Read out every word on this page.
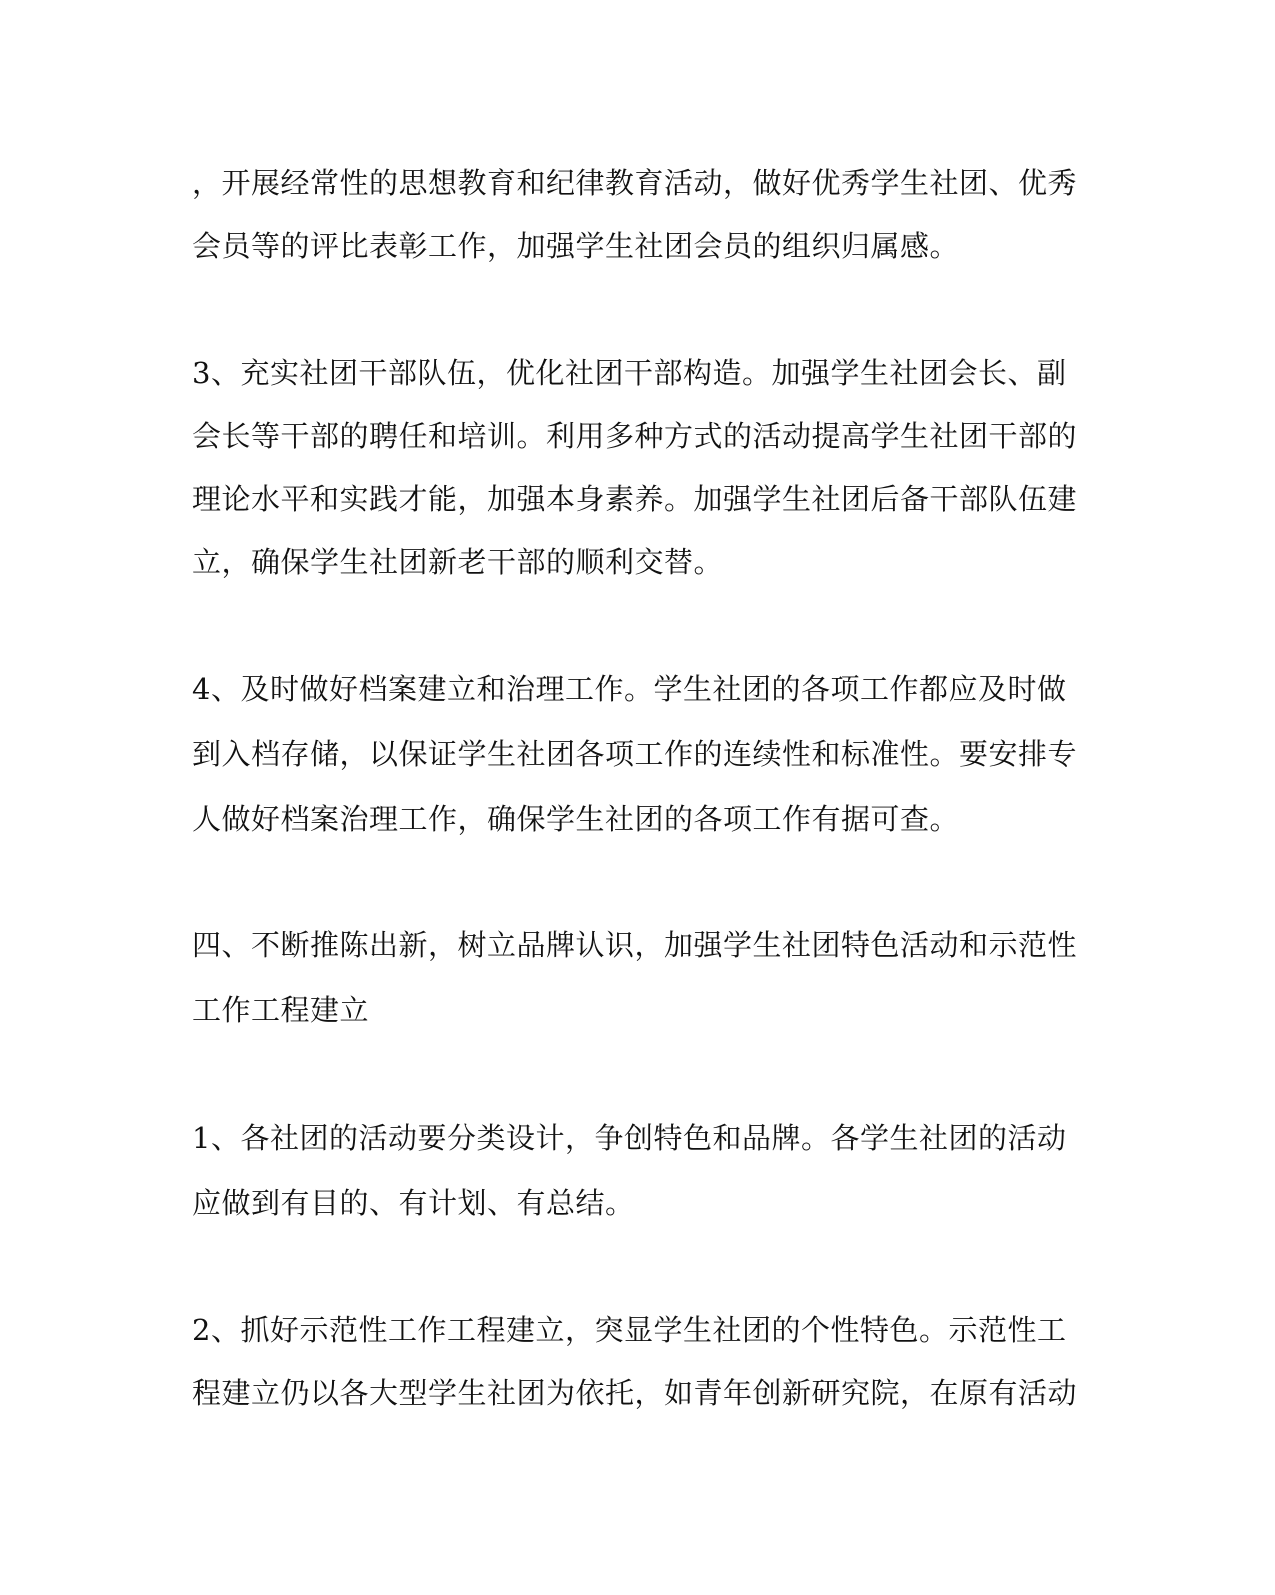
，开展经常性的思想教育和纪律教育活动，做好优秀学生社团、优秀
会员等的评比表彰工作，加强学生社团会员的组织归属感。
3、充实社团干部队伍，优化社团干部构造。加强学生社团会长、副
会长等干部的聘任和培训。利用多种方式的活动提高学生社团干部的
理论水平和实践才能，加强本身素养。加强学生社团后备干部队伍建
立，确保学生社团新老干部的顺利交替。
4、及时做好档案建立和治理工作。学生社团的各项工作都应及时做
到入档存储，以保证学生社团各项工作的连续性和标准性。要安排专
人做好档案治理工作，确保学生社团的各项工作有据可查。
四、不断推陈出新，树立品牌认识，加强学生社团特色活动和示范性
工作工程建立
1、各社团的活动要分类设计，争创特色和品牌。各学生社团的活动
应做到有目的、有计划、有总结。
2、抓好示范性工作工程建立，突显学生社团的个性特色。示范性工
程建立仍以各大型学生社团为依托，如青年创新研究院，在原有活动
